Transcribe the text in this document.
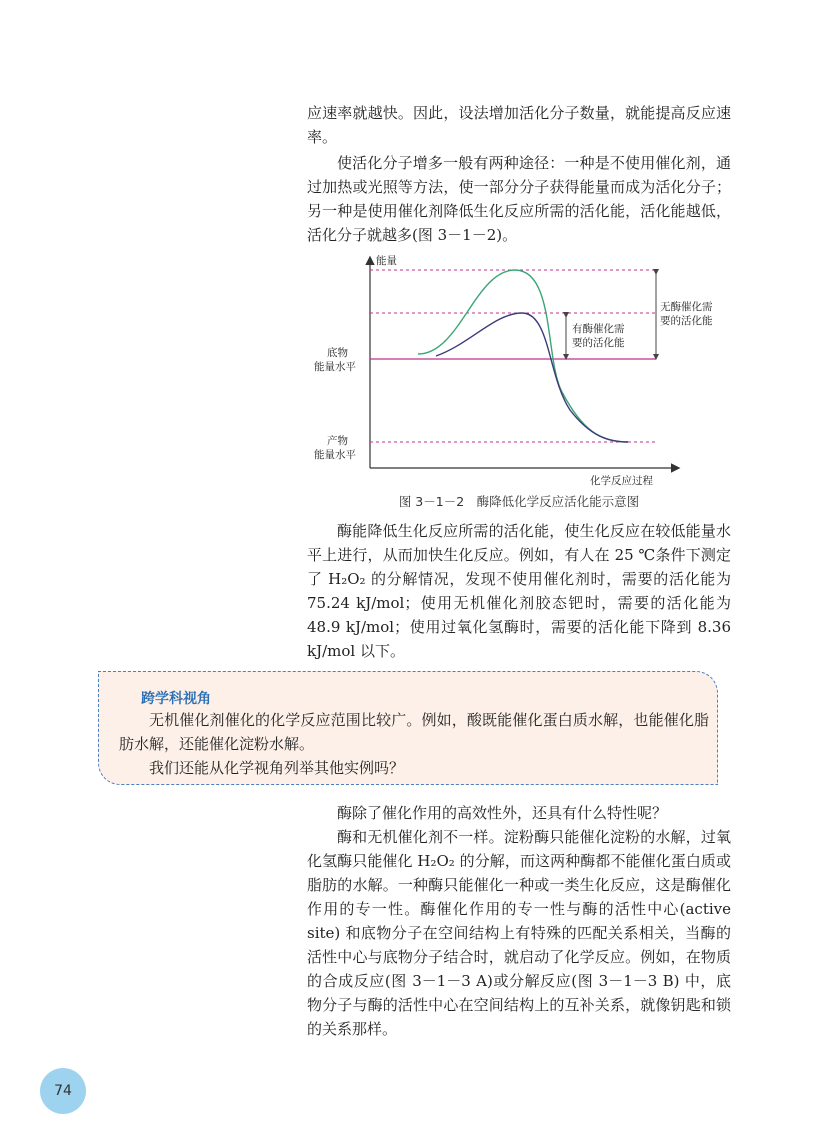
应速率就越快。因此，设法增加活化分子数量，就能提高反应速率。

使活化分子增多一般有两种途径：一种是不使用催化剂，通过加热或光照等方法，使一部分分子获得能量而成为活化分子；另一种是使用催化剂降低生化反应所需的活化能，活化能越低，活化分子就越多(图 3－1－2)。

能量
化学反应过程
底物
能量水平
产物
能量水平
无酶催化需
要的活化能
有酶催化需
要的活化能
图 3－1－2　酶降低化学反应活化能示意图

酶能降低生化反应所需的活化能，使生化反应在较低能量水平上进行，从而加快生化反应。例如，有人在 25 ℃条件下测定了 H₂O₂ 的分解情况，发现不使用催化剂时，需要的活化能为 75.24 kJ/mol；使用无机催化剂胶态钯时，需要的活化能为 48.9 kJ/mol；使用过氧化氢酶时，需要的活化能下降到 8.36 kJ/mol 以下。

跨学科视角

无机催化剂催化的化学反应范围比较广。例如，酸既能催化蛋白质水解，也能催化脂肪水解，还能催化淀粉水解。

我们还能从化学视角列举其他实例吗？

酶除了催化作用的高效性外，还具有什么特性呢？

酶和无机催化剂不一样。淀粉酶只能催化淀粉的水解，过氧化氢酶只能催化 H₂O₂ 的分解，而这两种酶都不能催化蛋白质或脂肪的水解。一种酶只能催化一种或一类生化反应，这是酶催化作用的专一性。酶催化作用的专一性与酶的活性中心(active site) 和底物分子在空间结构上有特殊的匹配关系相关，当酶的活性中心与底物分子结合时，就启动了化学反应。例如，在物质的合成反应(图 3－1－3 A)或分解反应(图 3－1－3 B) 中，底物分子与酶的活性中心在空间结构上的互补关系，就像钥匙和锁的关系那样。

74
